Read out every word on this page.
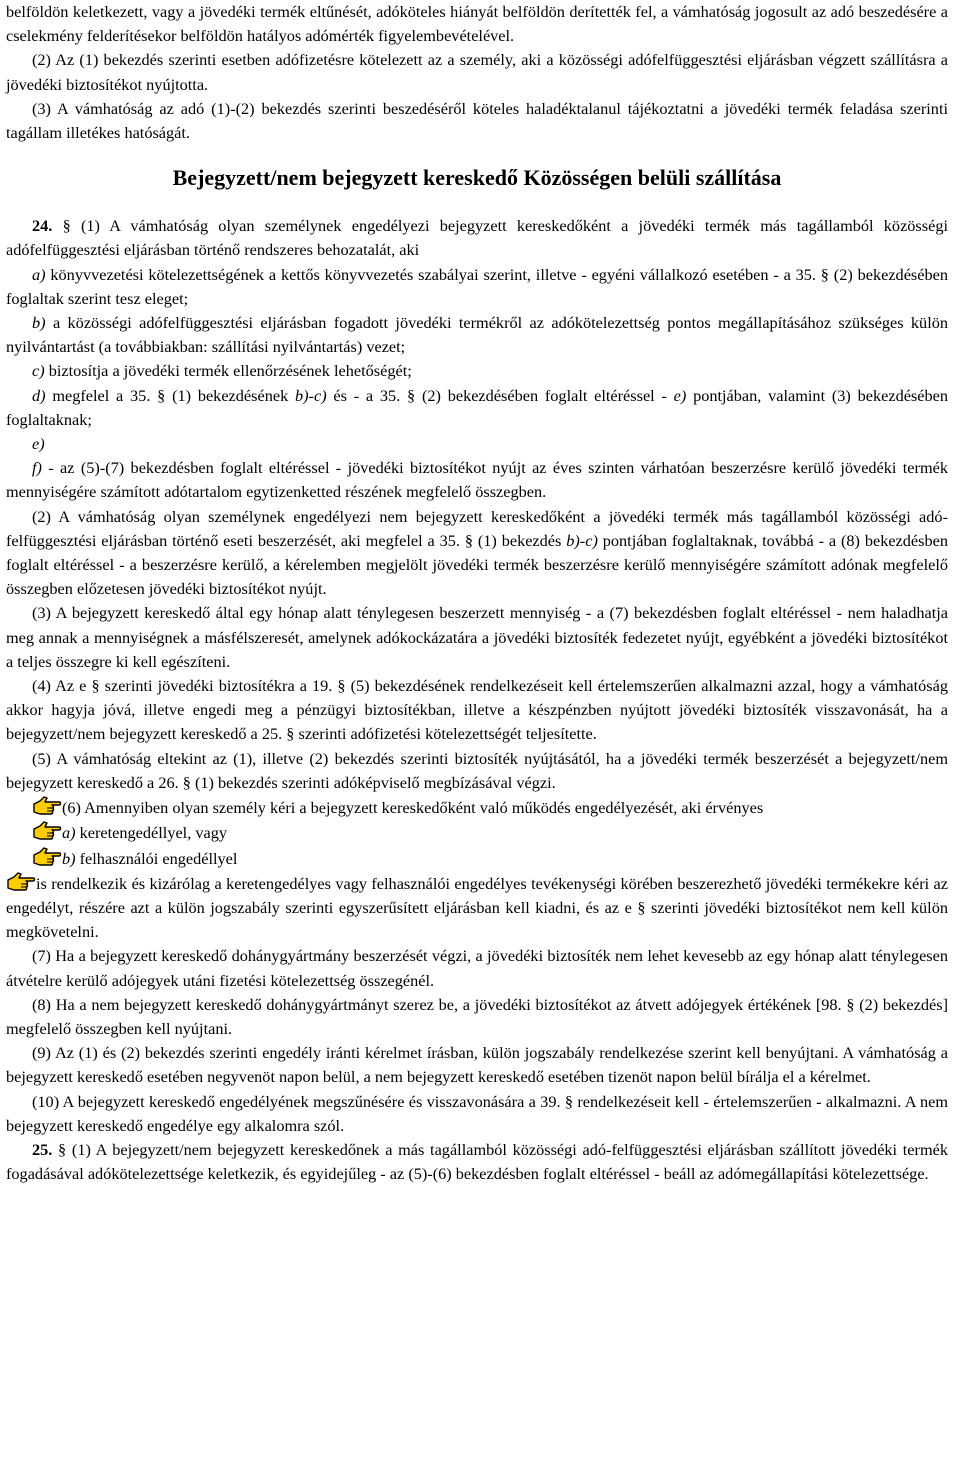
belföldön keletkezett, vagy a jövedéki termék eltűnését, adóköteles hiányát belföldön derítették fel, a vámhatóság jogosult az adó beszedésére a cselekmény felderítésekor belföldön hatályos adómérték figyelembevételével.

(2) Az (1) bekezdés szerinti esetben adófizetésre kötelezett az a személy, aki a közösségi adófelfüggesztési eljárásban végzett szállításra a jövedéki biztosítékot nyújtotta.

(3) A vámhatóság az adó (1)-(2) bekezdés szerinti beszedéséről köteles haladéktalanul tájékoztatni a jövedéki termék feladása szerinti tagállam illetékes hatóságát.

Bejegyzett/nem bejegyzett kereskedő Közösségen belüli szállítása

24. § (1) A vámhatóság olyan személynek engedélyezi bejegyzett kereskedőként a jövedéki termék más tagállamból közösségi adófelfüggesztési eljárásban történő rendszeres behozatalát, aki

a) könyvvezetési kötelezettségének a kettős könyvvezetés szabályai szerint, illetve - egyéni vállalkozó esetében - a 35. § (2) bekezdésében foglaltak szerint tesz eleget;

b) a közösségi adófelfüggesztési eljárásban fogadott jövedéki termékről az adókötelezettség pontos megállapításához szükséges külön nyilvántartást (a továbbiakban: szállítási nyilvántartás) vezet;

c) biztosítja a jövedéki termék ellenőrzésének lehetőségét;

d) megfelel a 35. § (1) bekezdésének b)-c) és - a 35. § (2) bekezdésében foglalt eltéréssel - e) pontjában, valamint (3) bekezdésében foglaltaknak;

e)

f) - az (5)-(7) bekezdésben foglalt eltéréssel - jövedéki biztosítékot nyújt az éves szinten várhatóan beszerzésre kerülő jövedéki termék mennyiségére számított adótartalom egytizenketted részének megfelelő összegben.

(2) A vámhatóság olyan személynek engedélyezi nem bejegyzett kereskedőként a jövedéki termék más tagállamból közösségi adó-felfüggesztési eljárásban történő eseti beszerzését, aki megfelel a 35. § (1) bekezdés b)-c) pontjában foglaltaknak, továbbá - a (8) bekezdésben foglalt eltéréssel - a beszerzésre kerülő, a kérelemben megjelölt jövedéki termék beszerzésre kerülő mennyiségére számított adónak megfelelő összegben előzetesen jövedéki biztosítékot nyújt.

(3) A bejegyzett kereskedő által egy hónap alatt ténylegesen beszerzett mennyiség - a (7) bekezdésben foglalt eltéréssel - nem haladhatja meg annak a mennyiségnek a másfélszeresét, amelynek adókockázatára a jövedéki biztosíték fedezetet nyújt, egyébként a jövedéki biztosítékot a teljes összegre ki kell egészíteni.

(4) Az e § szerinti jövedéki biztosítékra a 19. § (5) bekezdésének rendelkezéseit kell értelemszerűen alkalmazni azzal, hogy a vámhatóság akkor hagyja jóvá, illetve engedi meg a pénzügyi biztosítékban, illetve a készpénzben nyújtott jövedéki biztosíték visszavonását, ha a bejegyzett/nem bejegyzett kereskedő a 25. § szerinti adófizetési kötelezettségét teljesítette.

(5) A vámhatóság eltekint az (1), illetve (2) bekezdés szerinti biztosíték nyújtásától, ha a jövedéki termék beszerzését a bejegyzett/nem bejegyzett kereskedő a 26. § (1) bekezdés szerinti adóképviselő megbízásával végzi.

(6) Amennyiben olyan személy kéri a bejegyzett kereskedőként való működés engedélyezését, aki érvényes

a) keretengedéllyel, vagy

b) felhasználói engedéllyel

is rendelkezik és kizárólag a keretengedélyes vagy felhasználói engedélyes tevékenységi körében beszerezhető jövedéki termékekre kéri az engedélyt, részére azt a külön jogszabály szerinti egyszerűsített eljárásban kell kiadni, és az e § szerinti jövedéki biztosítékot nem kell külön megkövetelni.

(7) Ha a bejegyzett kereskedő dohánygyártmány beszerzését végzi, a jövedéki biztosíték nem lehet kevesebb az egy hónap alatt ténylegesen átvételre kerülő adójegyek utáni fizetési kötelezettség összegénél.

(8) Ha a nem bejegyzett kereskedő dohánygyártmányt szerez be, a jövedéki biztosítékot az átvett adójegyek értékének [98. § (2) bekezdés] megfelelő összegben kell nyújtani.

(9) Az (1) és (2) bekezdés szerinti engedély iránti kérelmet írásban, külön jogszabály rendelkezése szerint kell benyújtani. A vámhatóság a bejegyzett kereskedő esetében negyvenöt napon belül, a nem bejegyzett kereskedő esetében tizenöt napon belül bírálja el a kérelmet.

(10) A bejegyzett kereskedő engedélyének megszűnésére és visszavonására a 39. § rendelkezéseit kell - értelemszerűen - alkalmazni. A nem bejegyzett kereskedő engedélye egy alkalomra szól.

25. § (1) A bejegyzett/nem bejegyzett kereskedőnek a más tagállamból közösségi adó-felfüggesztési eljárásban szállított jövedéki termék fogadásával adókötelezettsége keletkezik, és egyidejűleg - az (5)-(6) bekezdésben foglalt eltéréssel - beáll az adómegállapítási kötelezettsége.
